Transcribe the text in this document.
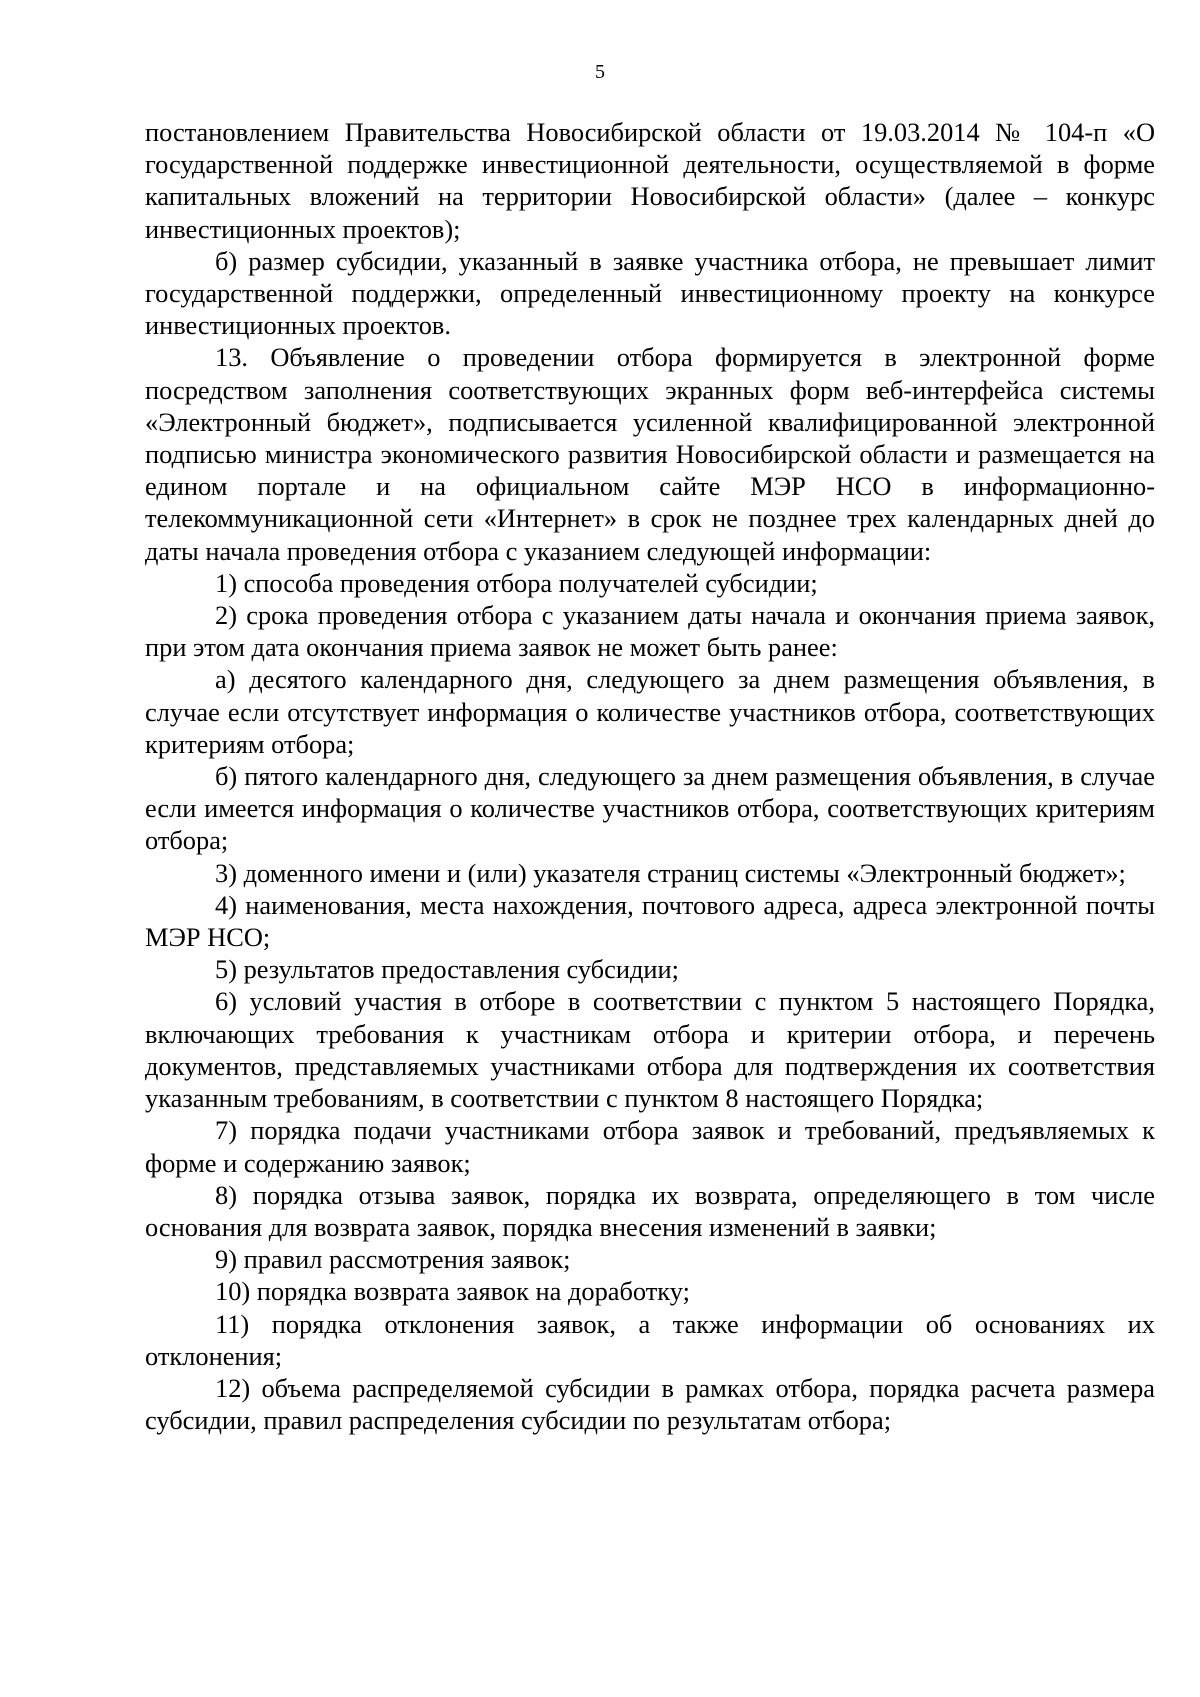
5

постановлением Правительства Новосибирской области от 19.03.2014 № 104-п «О государственной поддержке инвестиционной деятельности, осуществляемой в форме капитальных вложений на территории Новосибирской области» (далее – конкурс инвестиционных проектов);

б) размер субсидии, указанный в заявке участника отбора, не превышает лимит государственной поддержки, определенный инвестиционному проекту на конкурсе инвестиционных проектов.

13. Объявление о проведении отбора формируется в электронной форме посредством заполнения соответствующих экранных форм веб-интерфейса системы «Электронный бюджет», подписывается усиленной квалифицированной электронной подписью министра экономического развития Новосибирской области и размещается на едином портале и на официальном сайте МЭР НСО в информационно-телекоммуникационной сети «Интернет» в срок не позднее трех календарных дней до даты начала проведения отбора с указанием следующей информации:

1) способа проведения отбора получателей субсидии;

2) срока проведения отбора с указанием даты начала и окончания приема заявок, при этом дата окончания приема заявок не может быть ранее:

а) десятого календарного дня, следующего за днем размещения объявления, в случае если отсутствует информация о количестве участников отбора, соответствующих критериям отбора;

б) пятого календарного дня, следующего за днем размещения объявления, в случае если имеется информация о количестве участников отбора, соответствующих критериям отбора;

3) доменного имени и (или) указателя страниц системы «Электронный бюджет»;

4) наименования, места нахождения, почтового адреса, адреса электронной почты МЭР НСО;

5) результатов предоставления субсидии;

6) условий участия в отборе в соответствии с пунктом 5 настоящего Порядка, включающих требования к участникам отбора и критерии отбора, и перечень документов, представляемых участниками отбора для подтверждения их соответствия указанным требованиям, в соответствии с пунктом 8 настоящего Порядка;

7) порядка подачи участниками отбора заявок и требований, предъявляемых к форме и содержанию заявок;

8) порядка отзыва заявок, порядка их возврата, определяющего в том числе основания для возврата заявок, порядка внесения изменений в заявки;

9) правил рассмотрения заявок;

10) порядка возврата заявок на доработку;

11) порядка отклонения заявок, а также информации об основаниях их отклонения;

12) объема распределяемой субсидии в рамках отбора, порядка расчета размера субсидии, правил распределения субсидии по результатам отбора;
